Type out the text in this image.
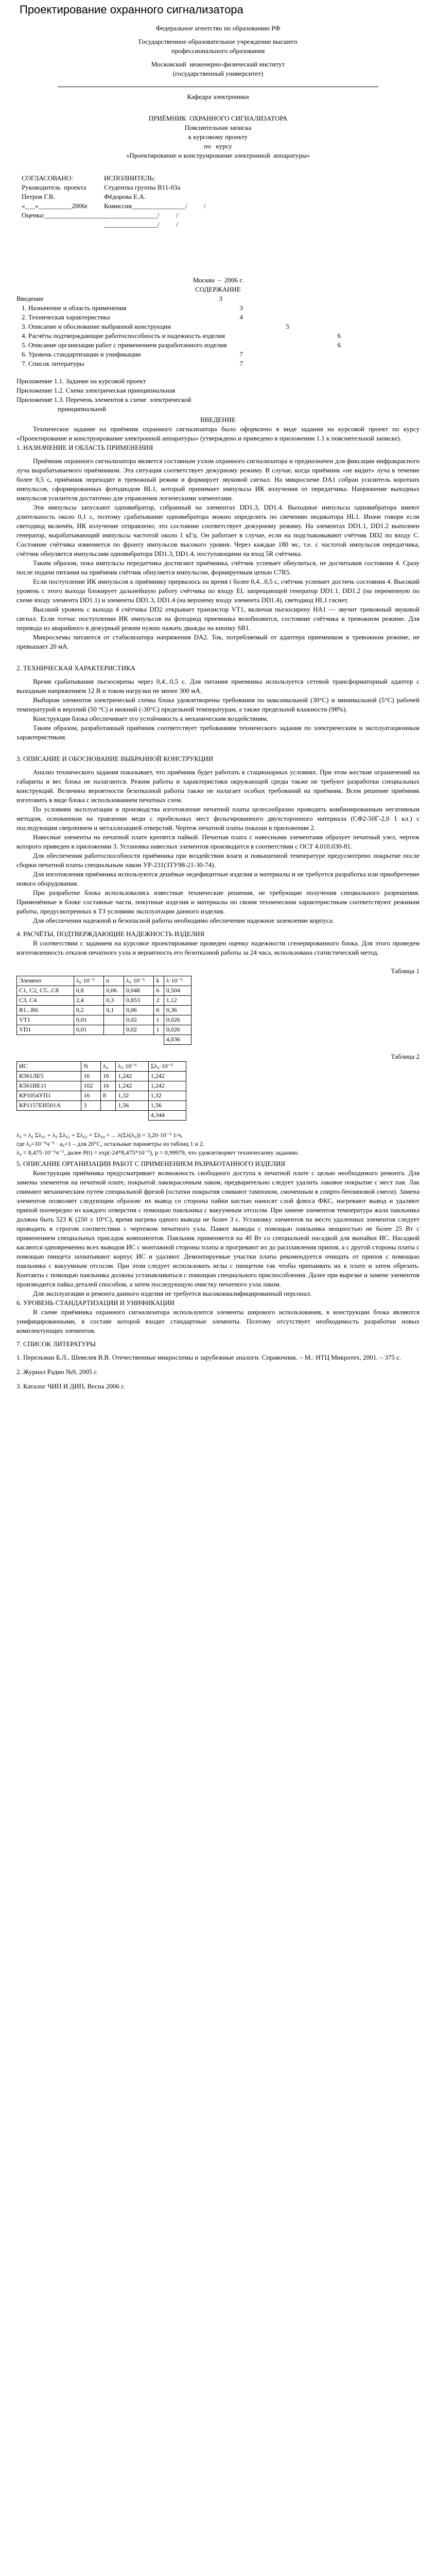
Проектирование охранного сигнализатора
Федеральное агентство по образованию РФ
Государственное образовательное учреждение высшего
профессионального образования
Московский  инженерно-физический институт
(государственный университет)
Кафедра электроники
ПРИЁМНИК  ОХРАННОГО СИГНАЛИЗАТОРА
Пояснительная записка
к курсовому проекту
по   курсу
«Проектирование и конструирование электронной  аппаратуры»
СОГЛАСОВАНО:	ИСПОЛНИТЕЛЬ:
Руководитель  проекта	Студентка группы В11-03а
Петров Г.В.	Фёдорова Е.А.
«___»__________2006г	Комиссия________________/          /
Оценка:___________________
________________/          /
________________/          /
Москва  –  2006 г.
СОДЕРЖАНИЕ
Введение	3
1. Назначение и область применения	3
2. Техническая характеристика	4
3. Описание и обоснование выбранной конструкции	5
4. Расчёты подтверждающие работоспособность и надежность изделия	6
5. Описание организации работ с применением разработанного изделия	6
6. Уровень стандартизации и унификации	7
7. Список литературы	7
Приложение 1.1. Задание на курсовой проект
Приложение 1.2. Схема электрическая принципиальная
Приложение 1.3. Перечень элементов к схеме  электрической
принципиальной
ВВЕДЕНИЕ

Техническое задание на приёмник охранного сигнализатора было оформлено в виде задания на курсовой проект по курсу «Проектирование и конструирование электронной аппаратуры» (утверждено и приведено в приложении 1.1 к пояснительной записке).

1. НАЗНАЧЕНИЕ И ОБЛАСТЬ ПРИМЕНЕНИЯ

Приёмник охранного сигнализатора является составным узлом охранного сигнализатора и предназначен для фиксации инфракрасного луча вырабатываемого приёмником. Эта ситуация соответствует дежурному режиму. В случае, когда приёмник «не видит» луча в течение более 0,5 с, приёмник переходит в тревожный режим и формирует звуковой сигнал. На микросхеме DA1 собран усилитель коротких импульсов, сформированных фотодиодом BL1, который принимает импульсы ИК излучения от передатчика. Напряжение выходных импульсов усилителя достаточно для управления логическими элементами.

Эти импульсы запускают одновибратор, собранный на элементах DD1.3, DD1.4. Выходные импульсы одновибратора имеют длительность около 0,1 с, поэтому срабатывание одновибратора можно определить по свечению индикатора HL1. Иначе говоря если светодиод включён, ИК излучение отправлено; это состояние соответствует дежурному режиму. На элементах DD1.1, DD1.2 выполнен генератор, вырабатывающий импульсы частотой около 1 кГц. Он работает в случае, если на подстыковывают счётчик DD2 по входу С. Состояние счётчика изменяется по фронту импульсов высокого уровня. Через каждые 180 мс, т.е. с частотой импульсов передатчика, счётчик обнуляется импульсами одновибратора DD1.3, DD1.4, поступающими на вход 5R счётчика.

Таким образом, пока импульсы передатчика достигают приёмника, счётчик успевает обнулиться, не досчитывая состояния 4. Сразу после подачи питания на приёмник счётчик обнуляется импульсом, формируемым цепью C7R5.

Если поступление ИК импульсов к приёмнику прервалось на время t более 0,4...0,5 с, счётчик успевает достичь состояния 4. Высокий уровень с этого выхода блокирует дальнейшую работу счётчика по входу EI, запрещающей генератор DD1.1, DD1.2 (на переменную по схеме входу элемента DD1.1) и элементы DD1.3, DD1.4 (на верхнему входу элемента DD1.4), светодиод HL1 гаснет.

Высокий уровень с выхода 4 счётчика DD2 открывает транзистор VT1, включая пьезосирену HA1 — звучит тревожный звуковой сигнал. Если тотчас поступлении ИК импульсов на фотодиод приемника возобновится, состояние счётчика в тревожном режиме. Для перевода из аварийного в дежурный режим нужно нажать дважды на кнопку SB1.

Микросхемы питаются от стабилизатора напряжения DA2. Ток, потребляемый от адаптера приемником в тревожном режиме, не превышает 20 мА.

2. ТЕХНИЧЕСКАЯ ХАРАКТЕРИСТИКА

Время срабатывания пьезосирены через 0,4...0,5 с. Для питания приемника используется сетевой трансформаторный адаптер с выходным напряжением 12 В и током нагрузки не менее 300 мА.

Выбором элементов электрической схемы блока удовлетворены требования по максимальной (30°С) и минимальной (5°С) рабочей температурой и верхний (50 °С) и нижний (-30°С) предельной температурам, а также предельной влажности (98%).

Конструкция блока обеспечивает его устойчивость к механическим воздействиям.

Таким образом, разработанный приёмник соответствует требованиям технического задания по электрическим и эксплуатационным характеристикам.

3. ОПИСАНИЕ И ОБОСНОВАНИЕ ВЫБРАННОЙ КОНСТРУКЦИИ

Анализ технического задания показывает, что приёмник будет работать в стационарных условиях. При этом жесткие ограничений на габариты и вес блока не налагаются. Режим работы и характеристики окружающей среды также не требуют разработки специальных конструкций. Величина вероятности безотказной работы также не налагает особых требований на приёмник. Всем решение приёмник изготовить в виде блока с использованием печатных схем.

По условиям эксплуатации и производства изготовление печатной платы целесообразно проводить комбинированным негативным методом, основанным на травлении меди с пробельных мест фольгированного двухсторонного материала (СФ2-50Г-2,0 1 кл.) с последующим сверлением и металлизацией отверстий. Чертеж печатной платы показан в приложении 2.

Навесные элементы на печатной плате крепятся пайкой. Печатная плата с навесными элементами образует печатный узел, чертеж которого приведен в приложении 3. Установка навесных элементов производится в соответствии с ОСТ 4.010.030-81.

Для обеспечения работоспособности приёмника при воздействии влаги и повышенной температуре предусмотрено покрытие после сборки печатной платы специальным лаком УР-231(ЗТУ98-21-30-74).

Для изготовления приёмника используются дешёвые недефицитные изделия и материалы и не требуется разработка или приобретение нового оборудования.

При разработке блока использовались известные технические решения, не требующие получения специального разрешения. Применённые в блоке составные части, покупные изделия и материалы по своим техническим характеристикам соответствуют режимам работы, предусмотренных в ТЗ условиям эксплуатации данного изделия.

Для обеспечения надежной и безопасной работы необходимо обеспечение надежное заземление корпуса.

4. РАСЧЁТЫ, ПОДТВЕРЖДАЮЩИЕ НАДЕЖНОСТЬ ИЗДЕЛИЯ

В соответствии с заданием на курсовое проектирование проведен оценку надежности сгенерированного блока. Для этого проведем изготовленность отказов печатного узла и вероятность его безотказной работы за 24 часа, использована статистический метод.

Таблица 1
Элемент	λ₀·10⁻⁶	n	λ₀·10⁻⁶	k	λ·10⁻⁶
С1, С2, С5...С8	0,8	0,06	0,048	6	0,504
С3, С4	2,4	0,3	0,853	2	1,12
R1...R6	0,2	0,1	0,06	6	0,36
VT1	0,01		0,02	1	0,026
VD1	0,01		0,02	1	0,026
					4,036
Таблица 2
ИС	N	λ₀	λ₀·10⁻⁶	Σλ₀·10⁻⁶
К561ЛЕ5	16	16	1,242	1,242
К561ИЕ11	102	16	1,242	1,242
КР1054УП1	16	8	1,32	1,32
КР1157ЕН501А	3		1,56	1,56
				4,344
λ₀ = λ₀ Σλ₀₁ + λ₀ Σλ₀₂ + Σλ₀₃ = Σλ₀₄ = ... λ(Σλ(λ₀)) = 3,20·10⁻⁶ 1/ч,
где λ₀=10⁻⁶ч⁻¹ · а₀=1 – для 20°С, остальные параметры из таблиц 1 и 2.
λ₀ = 8,475·10⁻⁶ч⁻¹, далее Р(t) = exp(-24*8,475*10⁻⁶), р = 0,99979, что удовлетворяет техническому заданию.
5. ОПИСАНИЕ ОРГАНИЗАЦИИ РАБОТ С ПРИМЕНЕНИЕМ РАЗРАБОТАННОГО ИЗДЕЛИЯ

Конструкция приёмника предусматривает возможность свободного доступа к печатной плате с целью необходимого ремонта. Для замены элементов на печатной плате, покрытой лакокрасочным лаком, предварительно следует удалить лаковое покрытие с мест пая. Лак снимают механическим путем специальной фрезой (остатки покрытия снимают тампоном, смоченным в спирто-бензиновой смеси). Замена элементов позволяет следующим образом: их вывод со стороны пайки кистью наносят слой флюса ФКС, нагревают вывод и удаляют припой поочередно из каждого отверстия с помощью паяльника с вакуумным отсосом. При замене элементов температура жала паяльника должна быть 523 К (250 ± 10°С), время нагрева одного вывода не более 3 с. Установку элементов на место удаленных элементов следует проводить в строгом соответствии с чертежом печатного узла. Паяют выводы с помощью паяльника мощностью не более 25 Вт с применением специальных присадок компонентов. Паяльник применяется на 40 Вт со специальной насадкой для выпайки ИС. Насадкой касаются одновременно всех выводов ИС с монтажной стороны платы и прогревают их до расплавления припоя, а с другой стороны платы с помощью пинцета захватывают корпус ИС и удаляют. Демонтируемые участки платы рекомендуется очищать от припоя с помощью паяльника с вакуумным отсосом. При этом следует использовать иглы с пинцетом так чтобы припаивать их к плате и затем обрезать. Контакты с помощью паяльника должны устанавливаться с помощью специального приспособления. Далее при вырезке и замене элементов производится пайка деталей способом, а затем последующую очистку печатного узла лаком.

Для эксплуатации и ремонта данного изделия не требуется высококвалифицированный персонал.

6. УРОВЕНЬ СТАНДАРТИЗАЦИИ И УНИФИКАЦИИ

В схеме приёмника охранного сигнализатора используются элементы широкого использования, в конструкции блока являются унифицированными, в составе которой входит стандартные элементы. Поэтому отсутствует необходимость разработки новых комплектующих элементов.

7. СПИСОК ЛИТЕРАТУРЫ

1. Перельман Б.Л., Шевелев В.В. Отечественные микросхемы и зарубежные аналоги. Справочник. – М.: НТЦ Микротех, 2001. – 375 с.

2. Журнал Радио №9, 2005 г.

3. Каталог ЧИП И ДИП, Весна 2006 г.
